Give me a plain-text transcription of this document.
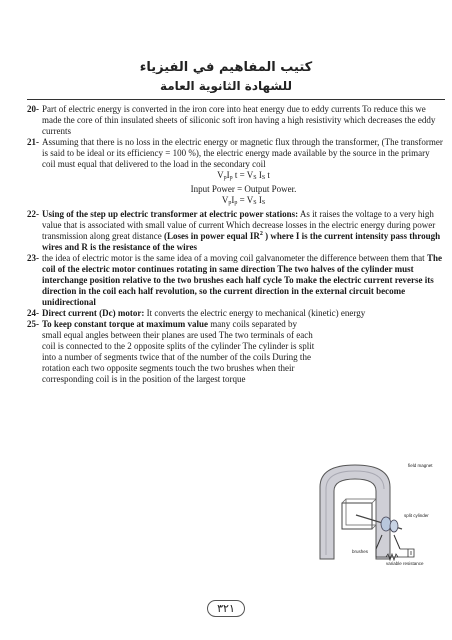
كتيب المفاهيم في الفيزياء
للشهادة الثانوية العامة
20- Part of electric energy is converted in the iron core into heat energy due to eddy currents To reduce this we made the core of thin insulated sheets of siliconic soft iron having a high resistivity which decreases the eddy currents
21- Assuming that there is no loss in the electric energy or magnetic flux through the transformer, (The transformer is said to be ideal or its efficiency = 100 %), the electric energy made available by the source in the primary coil must equal that delivered to the load in the secondary coil
VpIp t = VS IS t
Input Power = Output Power.
VpIp = VS IS
22- Using of the step up electric transformer at electric power stations: As it raises the voltage to a very high value that is associated with small value of current Which decrease losses in the electric energy during power transmission along great distance (Loses in power equal $IR^2$ ) where I is the current intensity pass through wires and R is the resistance of the wires
23- the idea of electric motor is the same idea of a moving coil galvanometer the difference between them that The coil of the electric motor continues rotating in same direction The two halves of the cylinder must interchange position relative to the two brushes each half cycle To make the electric current reverse its direction in the coil each half revolution, so the current direction in the external circuit become unidirectional
24- Direct current (Dc) motor: It converts the electric energy to mechanical (kinetic) energy
25- To keep constant torque at maximum value many coils separated by small equal angles between their planes are used The two terminals of each coil is connected to the 2 opposite splits of the cylinder The cylinder is split into a number of segments twice that of the number of the coils During the rotation each two opposite segments touch the two brushes when their corresponding coil is in the position of the largest torque
field magnet
split cylinder
brushes
variable resistance
٣٢١
